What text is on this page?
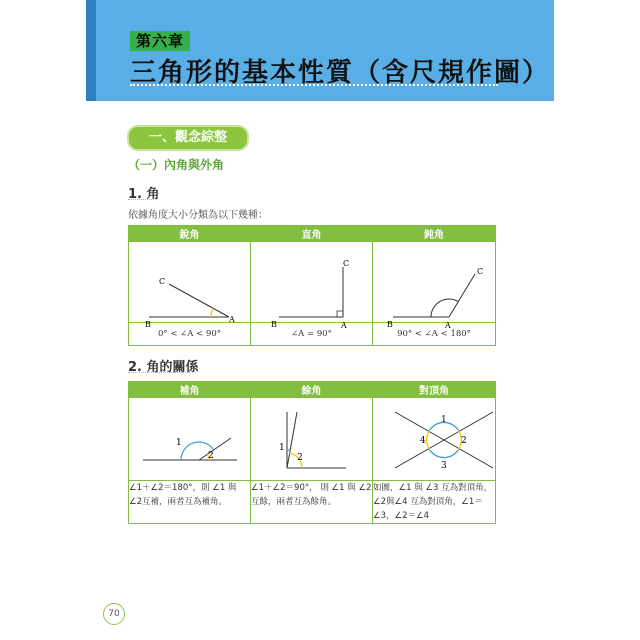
第六章
三角形的基本性質（含尺規作圖）
一、觀念綜整
（一）內角與外角
1. 角
依據角度大小分類為以下幾種：
銳角	直角	鈍角

B
A
C	B A
C	B A
C

0° < ∠A < 90°	∠A = 90°	90° < ∠A < 180°
2. 角的關係
補角	餘角	對頂角

1
2	1
2	1
2
3
4

∠1＋∠2＝180°，則 ∠1 與 ∠2互補，兩者互為補角。	∠1＋∠2＝90°， 則 ∠1 與 ∠2互餘，兩者互為餘角。	如圖，∠1 與 ∠3 互為對頂角，∠2與∠4 互為對頂角，∠1＝∠3，∠2＝∠4
70
